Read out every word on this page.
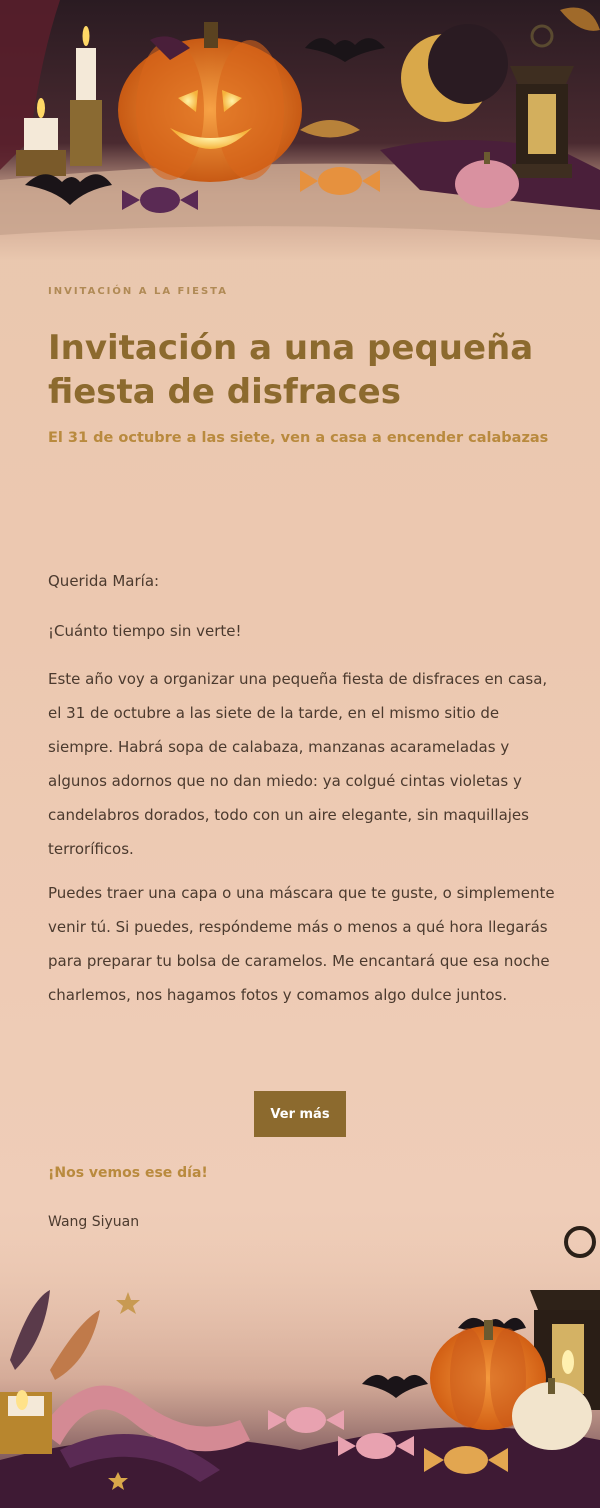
INVITACIÓN A LA FIESTA
Invitación a una pequeña fiesta de disfraces
El 31 de octubre a las siete, ven a casa a encender calabazas

Querida María:

¡Cuánto tiempo sin verte!

Este año voy a organizar una pequeña fiesta de disfraces en casa, el 31 de octubre a las siete de la tarde, en el mismo sitio de siempre. Habrá sopa de calabaza, manzanas acarameladas y algunos adornos que no dan miedo: ya colgué cintas violetas y candelabros dorados, todo con un aire elegante, sin maquillajes terroríficos.

Puedes traer una capa o una máscara que te guste, o simplemente venir tú. Si puedes, respóndeme más o menos a qué hora llegarás para preparar tu bolsa de caramelos. Me encantará que esa noche charlemos, nos hagamos fotos y comamos algo dulce juntos.

Ver más
¡Nos vemos ese día!
